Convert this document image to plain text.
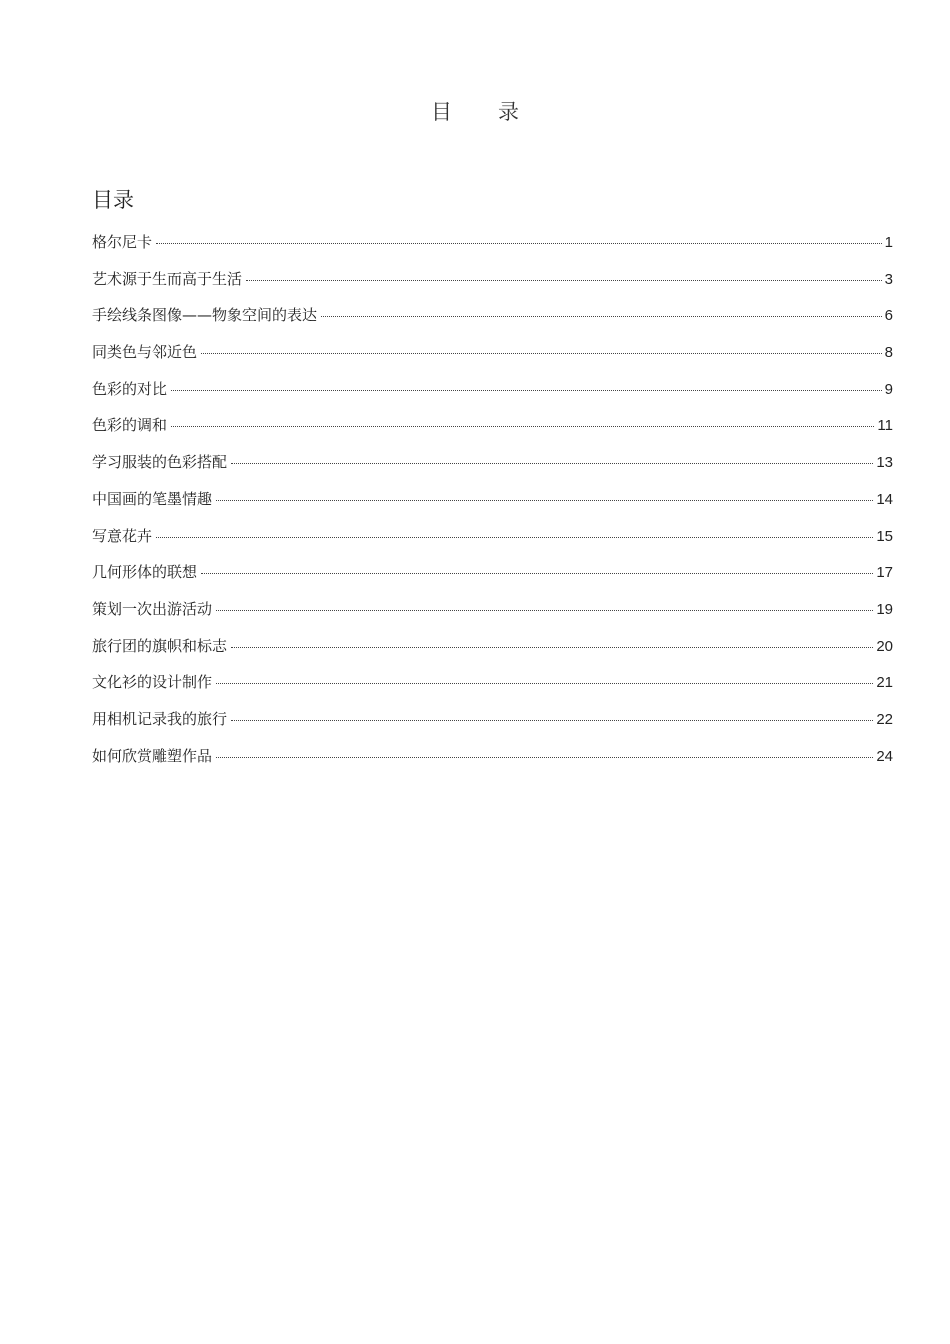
目 录
目录
格尔尼卡	1
艺术源于生而高于生活	3
手绘线条图像——物象空间的表达	6
同类色与邻近色	8
色彩的对比	9
色彩的调和	11
学习服装的色彩搭配	13
中国画的笔墨情趣	14
写意花卉	15
几何形体的联想	17
策划一次出游活动	19
旅行团的旗帜和标志	20
文化衫的设计制作	21
用相机记录我的旅行	22
如何欣赏雕塑作品	24
